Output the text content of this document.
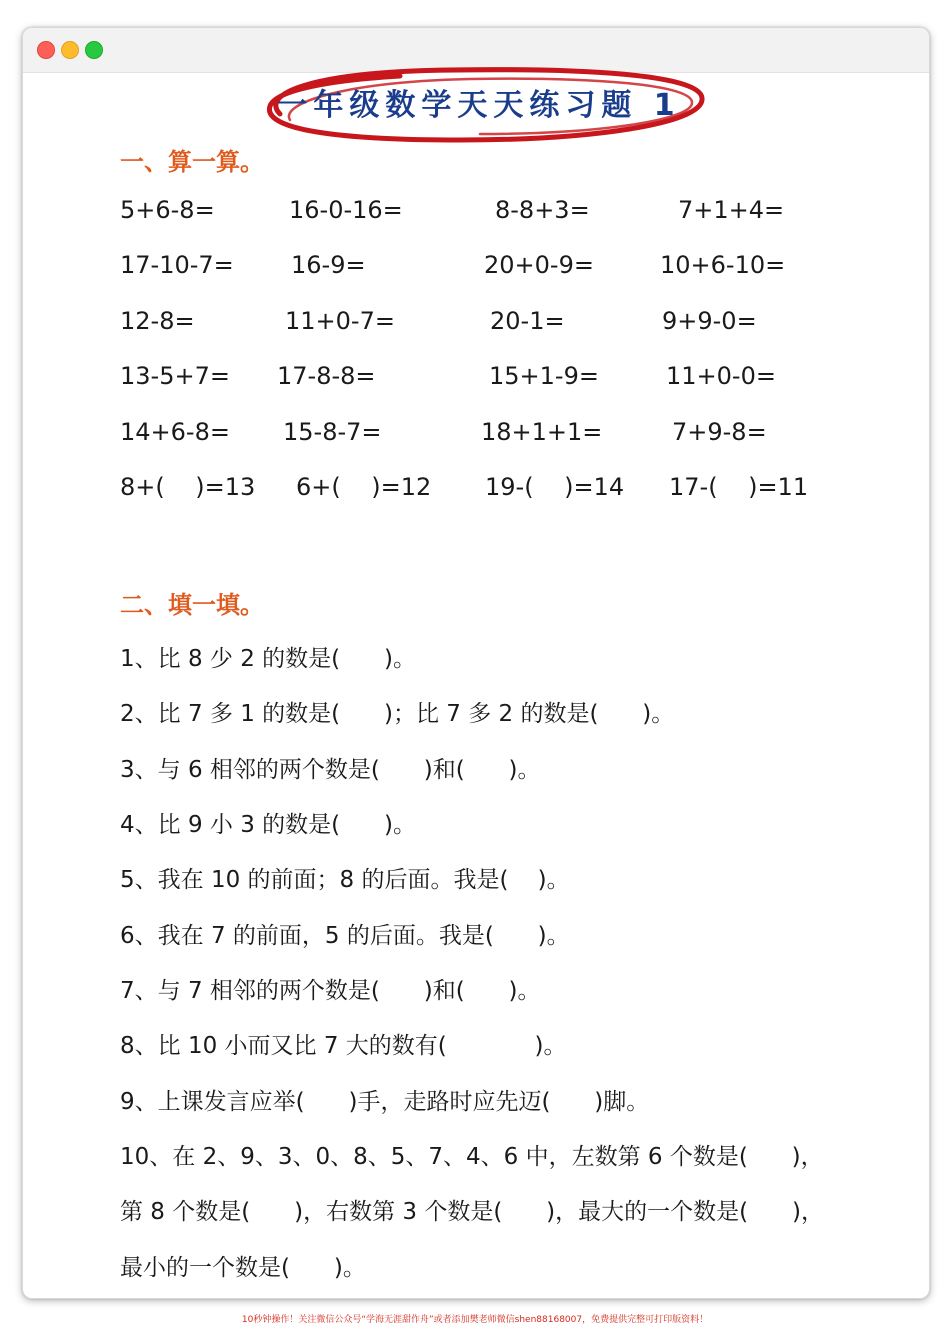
一年级数学天天练习题 1
一、算一算。
5+6-8=	16-0-16=	8-8+3=	7+1+4=
17-10-7= 16-9=	20+0-9=	10+6-10=
12-8=	11+0-7=	20-1=	9+9-0=
13-5+7= 17-8-8=	15+1-9=	11+0-0=
14+6-8= 15-8-7=	18+1+1=	7+9-8=
8+(    )=13 6+(    )=12 19-(    )=14 17-(    )=11
二、填一填。
1、比 8 少 2 的数是(      )。
2、比 7 多 1 的数是(      )；比 7 多 2 的数是(      )。
3、与 6 相邻的两个数是(      )和(      )。
4、比 9 小 3 的数是(      )。
5、我在 10 的前面；8 的后面。我是(    )。
6、我在 7 的前面，5 的后面。我是(      )。
7、与 7 相邻的两个数是(      )和(      )。
8、比 10 小而又比 7 大的数有(            )。
9、上课发言应举(      )手，走路时应先迈(      )脚。
10、在 2、9、3、0、8、5、7、4、6 中，左数第 6 个数是(      )，
第 8 个数是(      )，右数第 3 个数是(      )，最大的一个数是(      )，
最小的一个数是(      )。
10秒钟操作！关注微信公众号“学海无涯甜作舟”或者添加樊老师微信shen88168007，免费提供完整可打印版资料！
